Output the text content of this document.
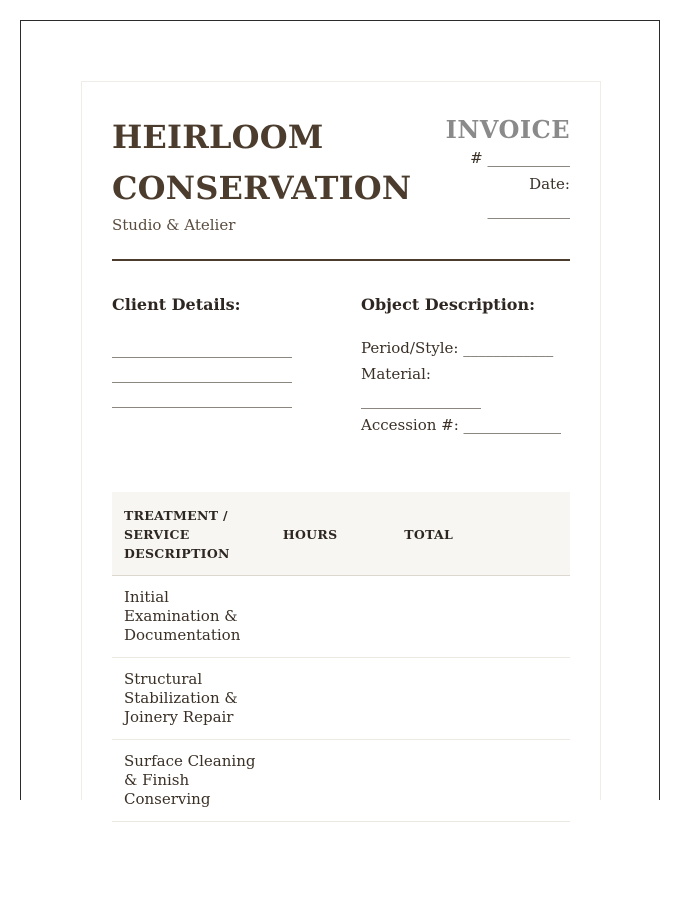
HEIRLOOM CONSERVATION
Studio & Atelier
INVOICE
# ___________
Date:
___________
Client Details:
________________________
________________________
________________________
Object Description:
Period/Style: ____________
Material:
________________
Accession #: _____________
TREATMENT / SERVICE DESCRIPTION	HOURS	TOTAL
Initial Examination & Documentation		
Structural Stabilization & Joinery Repair		
Surface Cleaning & Finish Conserving		
